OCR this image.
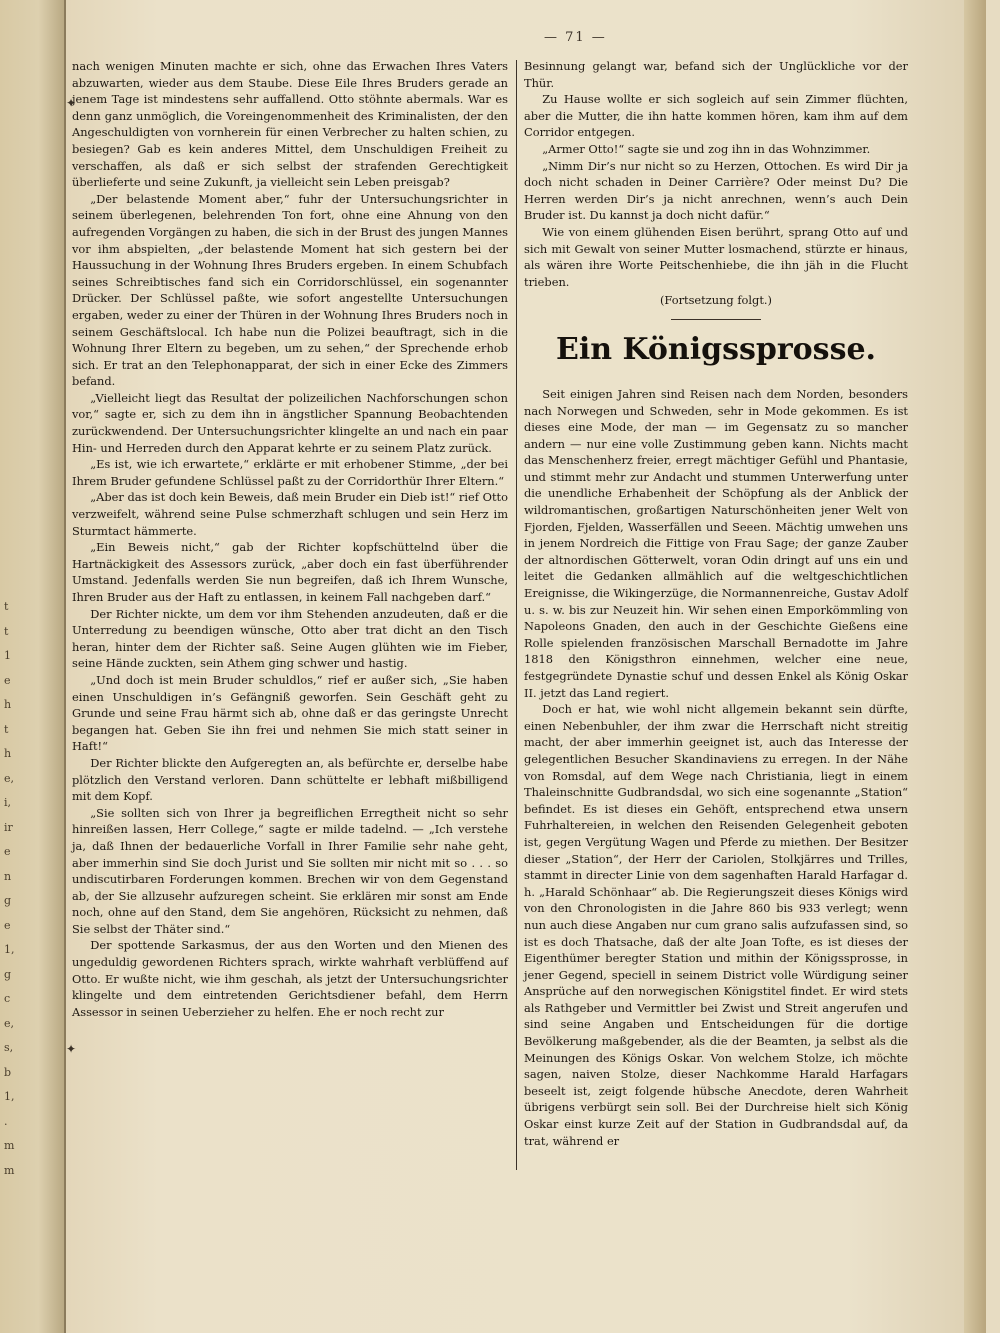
t
t
1
e
h
t
h
e,
i,
ir
e
n
g
e
1,
g
c
e,
s,
b
1,
.
m
m
— 71 —
✦
✦

nach wenigen Minuten machte er sich, ohne das Erwachen Ihres Vaters abzuwarten, wieder aus dem Staube. Diese Eile Ihres Bruders gerade an jenem Tage ist mindestens sehr auffallend. Otto stöhnte abermals. War es denn ganz unmöglich, die Voreingenommenheit des Kriminalisten, der den Angeschuldigten von vornherein für einen Verbrecher zu halten schien, zu besiegen? Gab es kein anderes Mittel, dem Unschuldigen Freiheit zu verschaffen, als daß er sich selbst der strafenden Gerechtigkeit überlieferte und seine Zukunft, ja vielleicht sein Leben preisgab?

„Der belastende Moment aber,“ fuhr der Untersuchungsrichter in seinem überlegenen, belehrenden Ton fort, ohne eine Ahnung von den aufregenden Vorgängen zu haben, die sich in der Brust des jungen Mannes vor ihm abspielten, „der belastende Moment hat sich gestern bei der Haussuchung in der Wohnung Ihres Bruders ergeben. In einem Schubfach seines Schreibtisches fand sich ein Corridorschlüssel, ein sogenannter Drücker. Der Schlüssel paßte, wie sofort angestellte Untersuchungen ergaben, weder zu einer der Thüren in der Wohnung Ihres Bruders noch in seinem Geschäftslocal. Ich habe nun die Polizei beauftragt, sich in die Wohnung Ihrer Eltern zu begeben, um zu sehen,“ der Sprechende erhob sich. Er trat an den Telephonapparat, der sich in einer Ecke des Zimmers befand.

„Vielleicht liegt das Resultat der polizeilichen Nachforschungen schon vor,“ sagte er, sich zu dem ihn in ängstlicher Spannung Beobachtenden zurückwendend. Der Untersuchungsrichter klingelte an und nach ein paar Hin- und Herreden durch den Apparat kehrte er zu seinem Platz zurück.

„Es ist, wie ich erwartete,“ erklärte er mit erhobener Stimme, „der bei Ihrem Bruder gefundene Schlüssel paßt zu der Corridorthür Ihrer Eltern.“

„Aber das ist doch kein Beweis, daß mein Bruder ein Dieb ist!“ rief Otto verzweifelt, während seine Pulse schmerzhaft schlugen und sein Herz im Sturmtact hämmerte.

„Ein Beweis nicht,“ gab der Richter kopfschüttelnd über die Hartnäckigkeit des Assessors zurück, „aber doch ein fast überführender Umstand. Jedenfalls werden Sie nun begreifen, daß ich Ihrem Wunsche, Ihren Bruder aus der Haft zu entlassen, in keinem Fall nachgeben darf.“

Der Richter nickte, um dem vor ihm Stehenden anzudeuten, daß er die Unterredung zu beendigen wünsche, Otto aber trat dicht an den Tisch heran, hinter dem der Richter saß. Seine Augen glühten wie im Fieber, seine Hände zuckten, sein Athem ging schwer und hastig.

„Und doch ist mein Bruder schuldlos,“ rief er außer sich, „Sie haben einen Unschuldigen in’s Gefängniß geworfen. Sein Geschäft geht zu Grunde und seine Frau härmt sich ab, ohne daß er das geringste Unrecht begangen hat. Geben Sie ihn frei und nehmen Sie mich statt seiner in Haft!“

Der Richter blickte den Aufgeregten an, als befürchte er, derselbe habe plötzlich den Verstand verloren. Dann schüttelte er lebhaft mißbilligend mit dem Kopf.

„Sie sollten sich von Ihrer ja begreiflichen Erregtheit nicht so sehr hinreißen lassen, Herr College,“ sagte er milde tadelnd. — „Ich verstehe ja, daß Ihnen der bedauerliche Vorfall in Ihrer Familie sehr nahe geht, aber immerhin sind Sie doch Jurist und Sie sollten mir nicht mit so . . . so undiscutirbaren Forderungen kommen. Brechen wir von dem Gegenstand ab, der Sie allzusehr aufzuregen scheint. Sie erklären mir sonst am Ende noch, ohne auf den Stand, dem Sie angehören, Rücksicht zu nehmen, daß Sie selbst der Thäter sind.“

Der spottende Sarkasmus, der aus den Worten und den Mienen des ungeduldig gewordenen Richters sprach, wirkte wahrhaft verblüffend auf Otto. Er wußte nicht, wie ihm geschah, als jetzt der Untersuchungsrichter klingelte und dem eintretenden Gerichtsdiener befahl, dem Herrn Assessor in seinen Ueberzieher zu helfen. Ehe er noch recht zur

Besinnung gelangt war, befand sich der Unglückliche vor der Thür.

Zu Hause wollte er sich sogleich auf sein Zimmer flüchten, aber die Mutter, die ihn hatte kommen hören, kam ihm auf dem Corridor entgegen.

„Armer Otto!“ sagte sie und zog ihn in das Wohnzimmer.

„Nimm Dir’s nur nicht so zu Herzen, Ottochen. Es wird Dir ja doch nicht schaden in Deiner Carrière? Oder meinst Du? Die Herren werden Dir’s ja nicht anrechnen, wenn’s auch Dein Bruder ist. Du kannst ja doch nicht dafür.“

Wie von einem glühenden Eisen berührt, sprang Otto auf und sich mit Gewalt von seiner Mutter losmachend, stürzte er hinaus, als wären ihre Worte Peitschenhiebe, die ihn jäh in die Flucht trieben.

(Fortsetzung folgt.)

Ein Königssprosse.

Seit einigen Jahren sind Reisen nach dem Norden, besonders nach Norwegen und Schweden, sehr in Mode gekommen. Es ist dieses eine Mode, der man — im Gegensatz zu so mancher andern — nur eine volle Zustimmung geben kann. Nichts macht das Menschenherz freier, erregt mächtiger Gefühl und Phantasie, und stimmt mehr zur Andacht und stummen Unterwerfung unter die unendliche Erhabenheit der Schöpfung als der Anblick der wildromantischen, großartigen Naturschönheiten jener Welt von Fjorden, Fjelden, Wasserfällen und Seeen. Mächtig umwehen uns in jenem Nordreich die Fittige von Frau Sage; der ganze Zauber der altnordischen Götterwelt, voran Odin dringt auf uns ein und leitet die Gedanken allmählich auf die weltgeschichtlichen Ereignisse, die Wikingerzüge, die Normannenreiche, Gustav Adolf u. s. w. bis zur Neuzeit hin. Wir sehen einen Emporkömmling von Napoleons Gnaden, den auch in der Geschichte Gießens eine Rolle spielenden französischen Marschall Bernadotte im Jahre 1818 den Königsthron einnehmen, welcher eine neue, festgegründete Dynastie schuf und dessen Enkel als König Oskar II. jetzt das Land regiert.

Doch er hat, wie wohl nicht allgemein bekannt sein dürfte, einen Nebenbuhler, der ihm zwar die Herrschaft nicht streitig macht, der aber immerhin geeignet ist, auch das Interesse der gelegentlichen Besucher Skandinaviens zu erregen. In der Nähe von Romsdal, auf dem Wege nach Christiania, liegt in einem Thaleinschnitte Gudbrandsdal, wo sich eine sogenannte „Station“ befindet. Es ist dieses ein Gehöft, entsprechend etwa unsern Fuhrhaltereien, in welchen den Reisenden Gelegenheit geboten ist, gegen Vergütung Wagen und Pferde zu miethen. Der Besitzer dieser „Station“, der Herr der Cariolen, Stolkjärres und Trilles, stammt in directer Linie von dem sagenhaften Harald Harfagar d. h. „Harald Schönhaar“ ab. Die Regierungszeit dieses Königs wird von den Chronologisten in die Jahre 860 bis 933 verlegt; wenn nun auch diese Angaben nur cum grano salis aufzufassen sind, so ist es doch Thatsache, daß der alte Joan Tofte, es ist dieses der Eigenthümer beregter Station und mithin der Königssprosse, in jener Gegend, speciell in seinem District volle Würdigung seiner Ansprüche auf den norwegischen Königstitel findet. Er wird stets als Rathgeber und Vermittler bei Zwist und Streit angerufen und sind seine Angaben und Entscheidungen für die dortige Bevölkerung maßgebender, als die der Beamten, ja selbst als die Meinungen des Königs Oskar. Von welchem Stolze, ich möchte sagen, naiven Stolze, dieser Nachkomme Harald Harfagars beseelt ist, zeigt folgende hübsche Anecdote, deren Wahrheit übrigens verbürgt sein soll. Bei der Durchreise hielt sich König Oskar einst kurze Zeit auf der Station in Gudbrandsdal auf, da trat, während er
